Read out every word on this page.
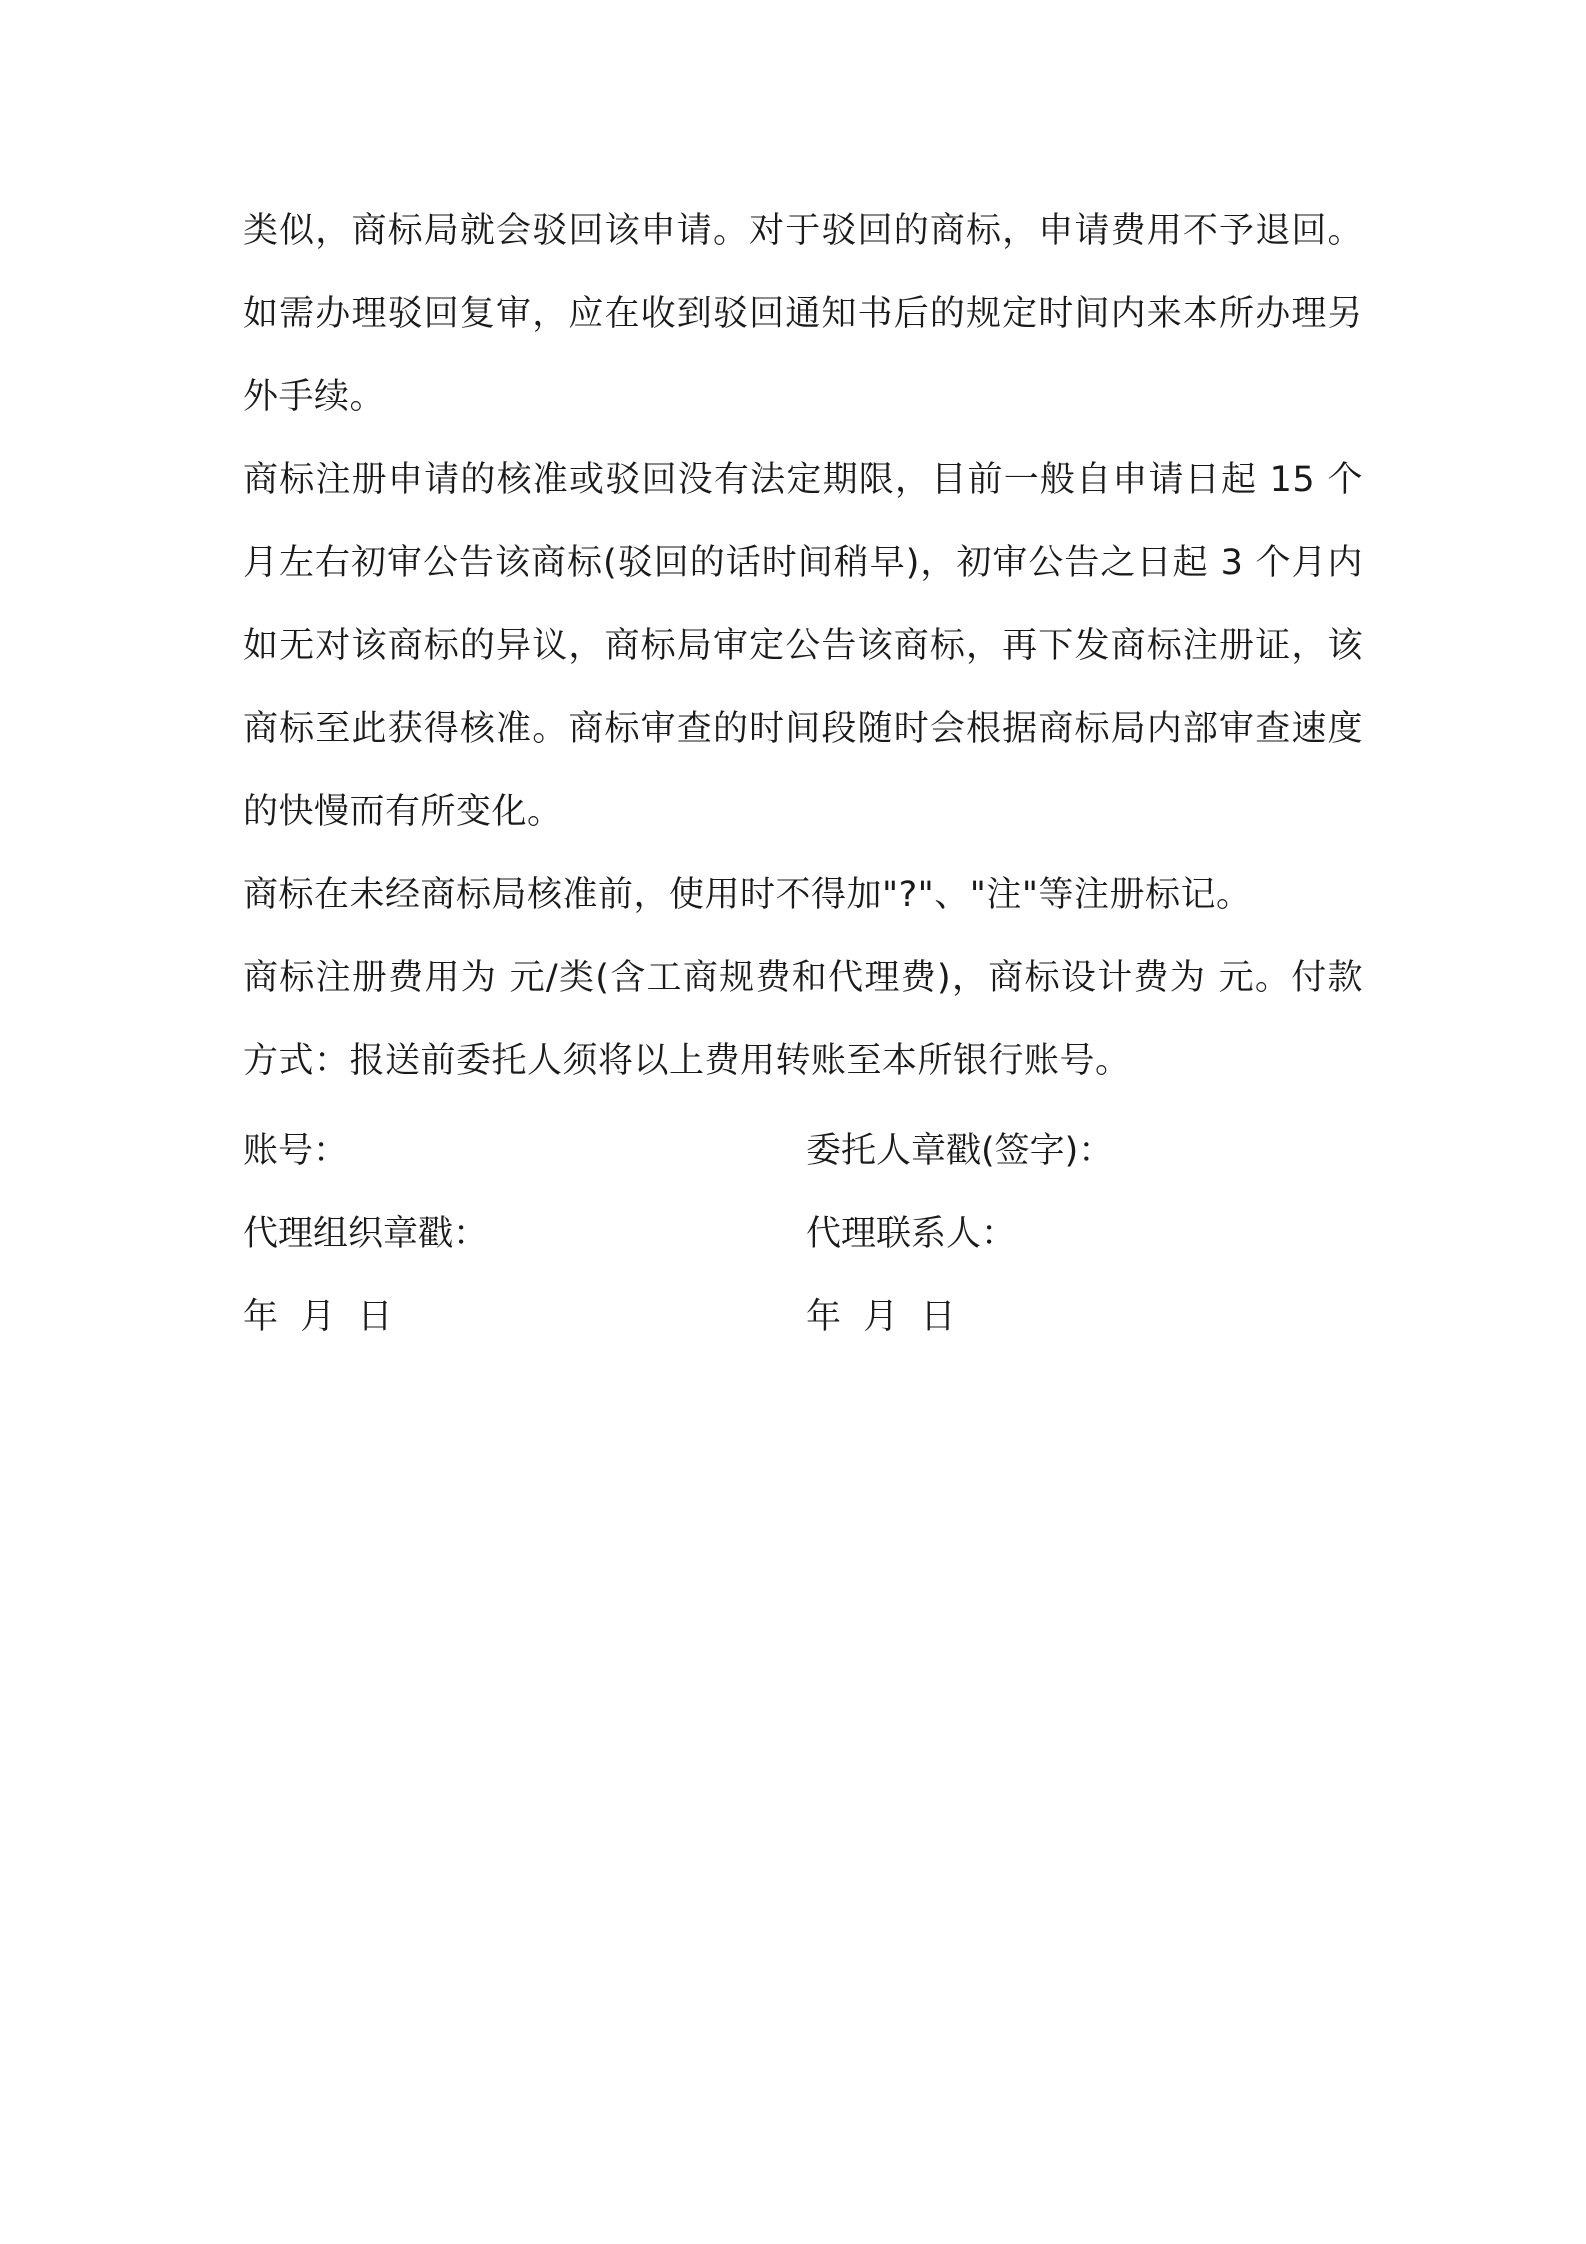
类似，商标局就会驳回该申请。对于驳回的商标，申请费用不予退回。如需办理驳回复审，应在收到驳回通知书后的规定时间内来本所办理另外手续。

商标注册申请的核准或驳回没有法定期限，目前一般自申请日起 15 个月左右初审公告该商标(驳回的话时间稍早)，初审公告之日起 3 个月内如无对该商标的异议，商标局审定公告该商标，再下发商标注册证，该商标至此获得核准。商标审查的时间段随时会根据商标局内部审查速度的快慢而有所变化。

商标在未经商标局核准前，使用时不得加"?"、"注"等注册标记。

商标注册费用为 元/类(含工商规费和代理费)，商标设计费为 元。付款方式：报送前委托人须将以上费用转账至本所银行账号。

账号：	委托人章戳(签字)：
代理组织章戳：	代理联系人：
年  月  日	年  月  日
